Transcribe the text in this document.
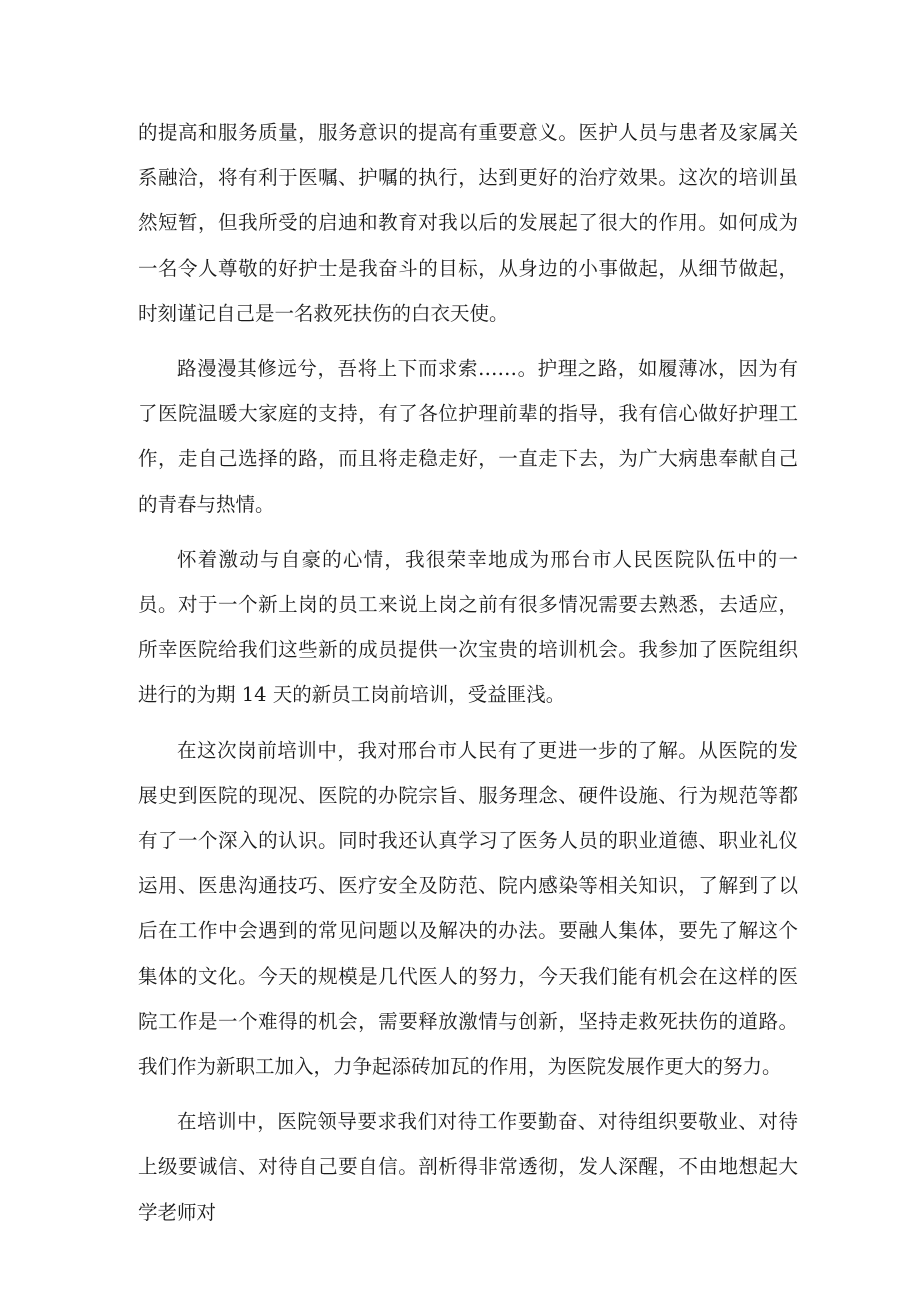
的提高和服务质量，服务意识的提高有重要意义。医护人员与患者及家属关系融洽，将有利于医嘱、护嘱的执行，达到更好的治疗效果。这次的培训虽然短暂，但我所受的启迪和教育对我以后的发展起了很大的作用。如何成为一名令人尊敬的好护士是我奋斗的目标，从身边的小事做起，从细节做起，时刻谨记自己是一名救死扶伤的白衣天使。

路漫漫其修远兮，吾将上下而求索……。护理之路，如履薄冰，因为有了医院温暖大家庭的支持，有了各位护理前辈的指导，我有信心做好护理工作，走自己选择的路，而且将走稳走好，一直走下去，为广大病患奉献自己的青春与热情。

怀着激动与自豪的心情，我很荣幸地成为邢台市人民医院队伍中的一员。对于一个新上岗的员工来说上岗之前有很多情况需要去熟悉，去适应，所幸医院给我们这些新的成员提供一次宝贵的培训机会。我参加了医院组织进行的为期 14 天的新员工岗前培训，受益匪浅。

在这次岗前培训中，我对邢台市人民有了更进一步的了解。从医院的发展史到医院的现况、医院的办院宗旨、服务理念、硬件设施、行为规范等都有了一个深入的认识。同时我还认真学习了医务人员的职业道德、职业礼仪运用、医患沟通技巧、医疗安全及防范、院内感染等相关知识，了解到了以后在工作中会遇到的常见问题以及解决的办法。要融人集体，要先了解这个集体的文化。今天的规模是几代医人的努力，今天我们能有机会在这样的医院工作是一个难得的机会，需要释放激情与创新，坚持走救死扶伤的道路。我们作为新职工加入，力争起添砖加瓦的作用，为医院发展作更大的努力。

在培训中，医院领导要求我们对待工作要勤奋、对待组织要敬业、对待上级要诚信、对待自己要自信。剖析得非常透彻，发人深醒，不由地想起大学老师对
